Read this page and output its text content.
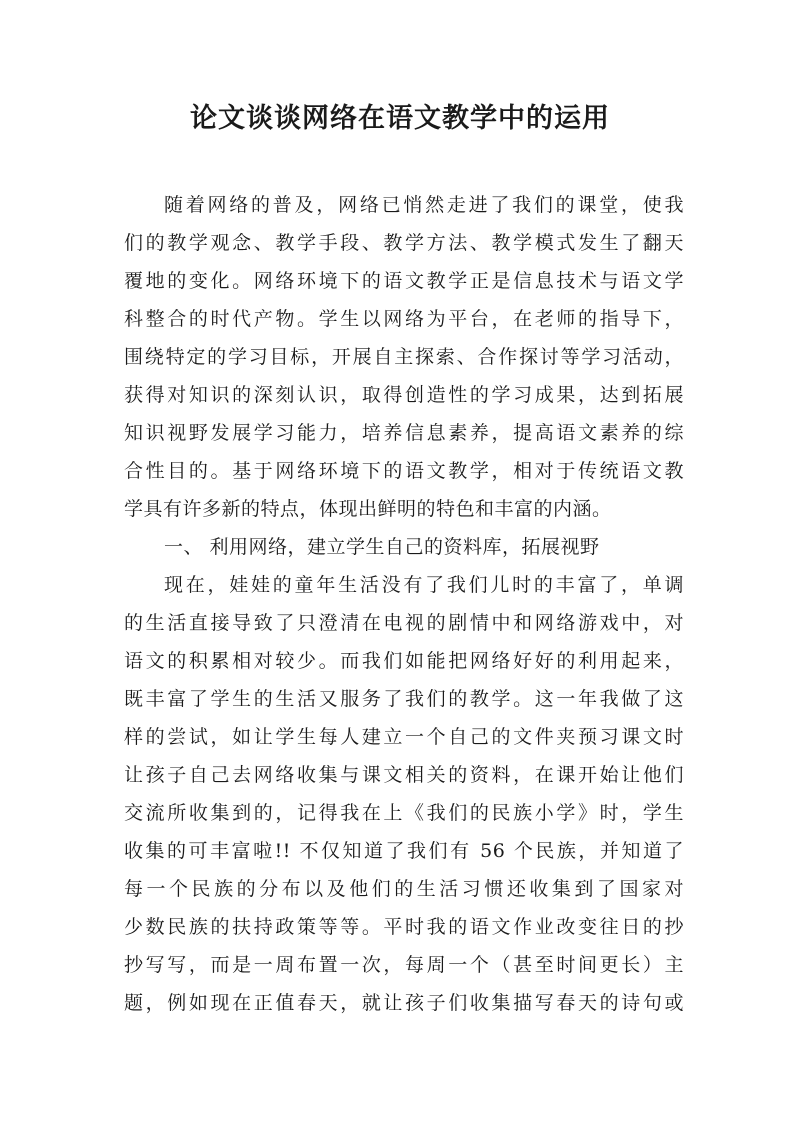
论文谈谈网络在语文教学中的运用
随着网络的普及，网络已悄然走进了我们的课堂，使我
们的教学观念、教学手段、教学方法、教学模式发生了翻天
覆地的变化。网络环境下的语文教学正是信息技术与语文学
科整合的时代产物。学生以网络为平台，在老师的指导下，
围绕特定的学习目标，开展自主探索、合作探讨等学习活动，
获得对知识的深刻认识，取得创造性的学习成果，达到拓展
知识视野发展学习能力，培养信息素养，提高语文素养的综
合性目的。基于网络环境下的语文教学，相对于传统语文教
学具有许多新的特点，体现出鲜明的特色和丰富的内涵。
一、 利用网络，建立学生自己的资料库，拓展视野
现在，娃娃的童年生活没有了我们儿时的丰富了，单调
的生活直接导致了只澄清在电视的剧情中和网络游戏中，对
语文的积累相对较少。而我们如能把网络好好的利用起来，
既丰富了学生的生活又服务了我们的教学。这一年我做了这
样的尝试，如让学生每人建立一个自己的文件夹预习课文时
让孩子自己去网络收集与课文相关的资料，在课开始让他们
交流所收集到的，记得我在上《我们的民族小学》时，学生
收集的可丰富啦!! 不仅知道了我们有 56 个民族，并知道了
每一个民族的分布以及他们的生活习惯还收集到了国家对
少数民族的扶持政策等等。平时我的语文作业改变往日的抄
抄写写，而是一周布置一次，每周一个（甚至时间更长）主
题，例如现在正值春天，就让孩子们收集描写春天的诗句或
